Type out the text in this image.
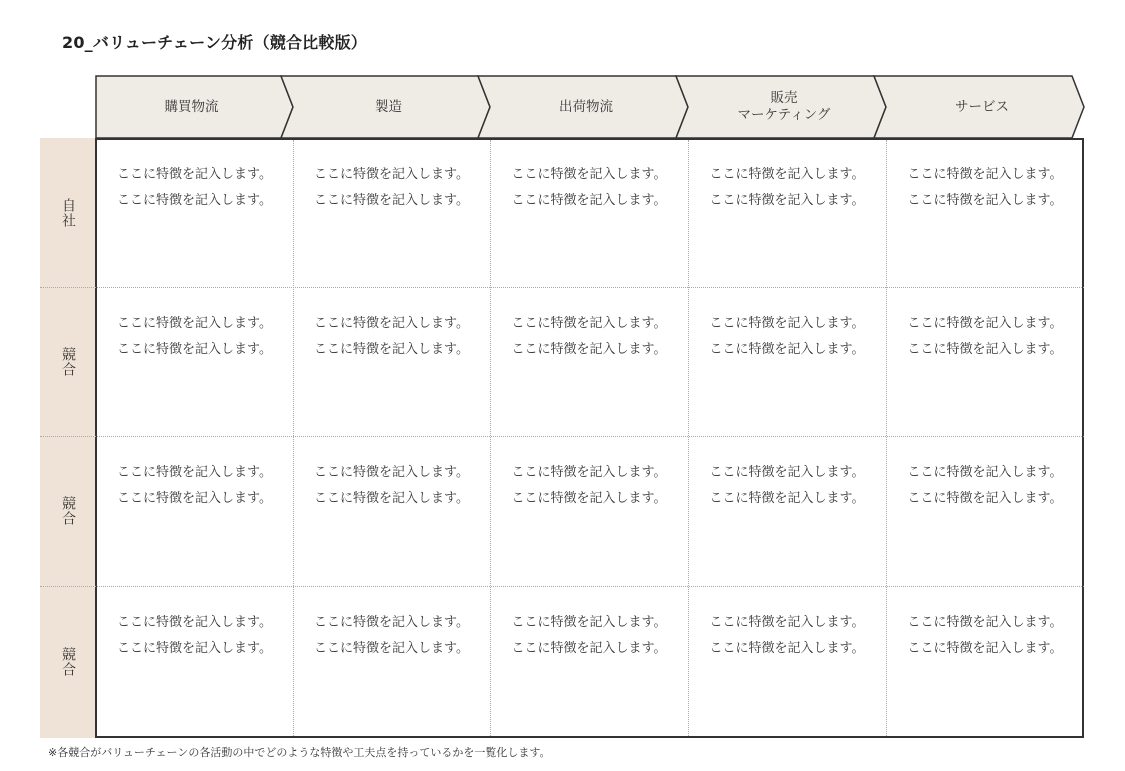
20_バリューチェーン分析（競合比較版）
購買物流	製造	出荷物流
販売
マーケティング
サービス
自社
競合
競合
競合
ここに特徴を記入します。
ここに特徴を記入します。
ここに特徴を記入します。
ここに特徴を記入します。
ここに特徴を記入します。
ここに特徴を記入します。
ここに特徴を記入します。
ここに特徴を記入します。
ここに特徴を記入します。
ここに特徴を記入します。
ここに特徴を記入します。
ここに特徴を記入します。
ここに特徴を記入します。
ここに特徴を記入します。
ここに特徴を記入します。
ここに特徴を記入します。
ここに特徴を記入します。
ここに特徴を記入します。
ここに特徴を記入します。
ここに特徴を記入します。
ここに特徴を記入します。
ここに特徴を記入します。
ここに特徴を記入します。
ここに特徴を記入します。
ここに特徴を記入します。
ここに特徴を記入します。
ここに特徴を記入します。
ここに特徴を記入します。
ここに特徴を記入します。
ここに特徴を記入します。
ここに特徴を記入します。
ここに特徴を記入します。
ここに特徴を記入します。
ここに特徴を記入します。
ここに特徴を記入します。
ここに特徴を記入します。
ここに特徴を記入します。
ここに特徴を記入します。
ここに特徴を記入します。
ここに特徴を記入します。
※各競合がバリューチェーンの各活動の中でどのような特徴や工夫点を持っているかを一覧化します。
